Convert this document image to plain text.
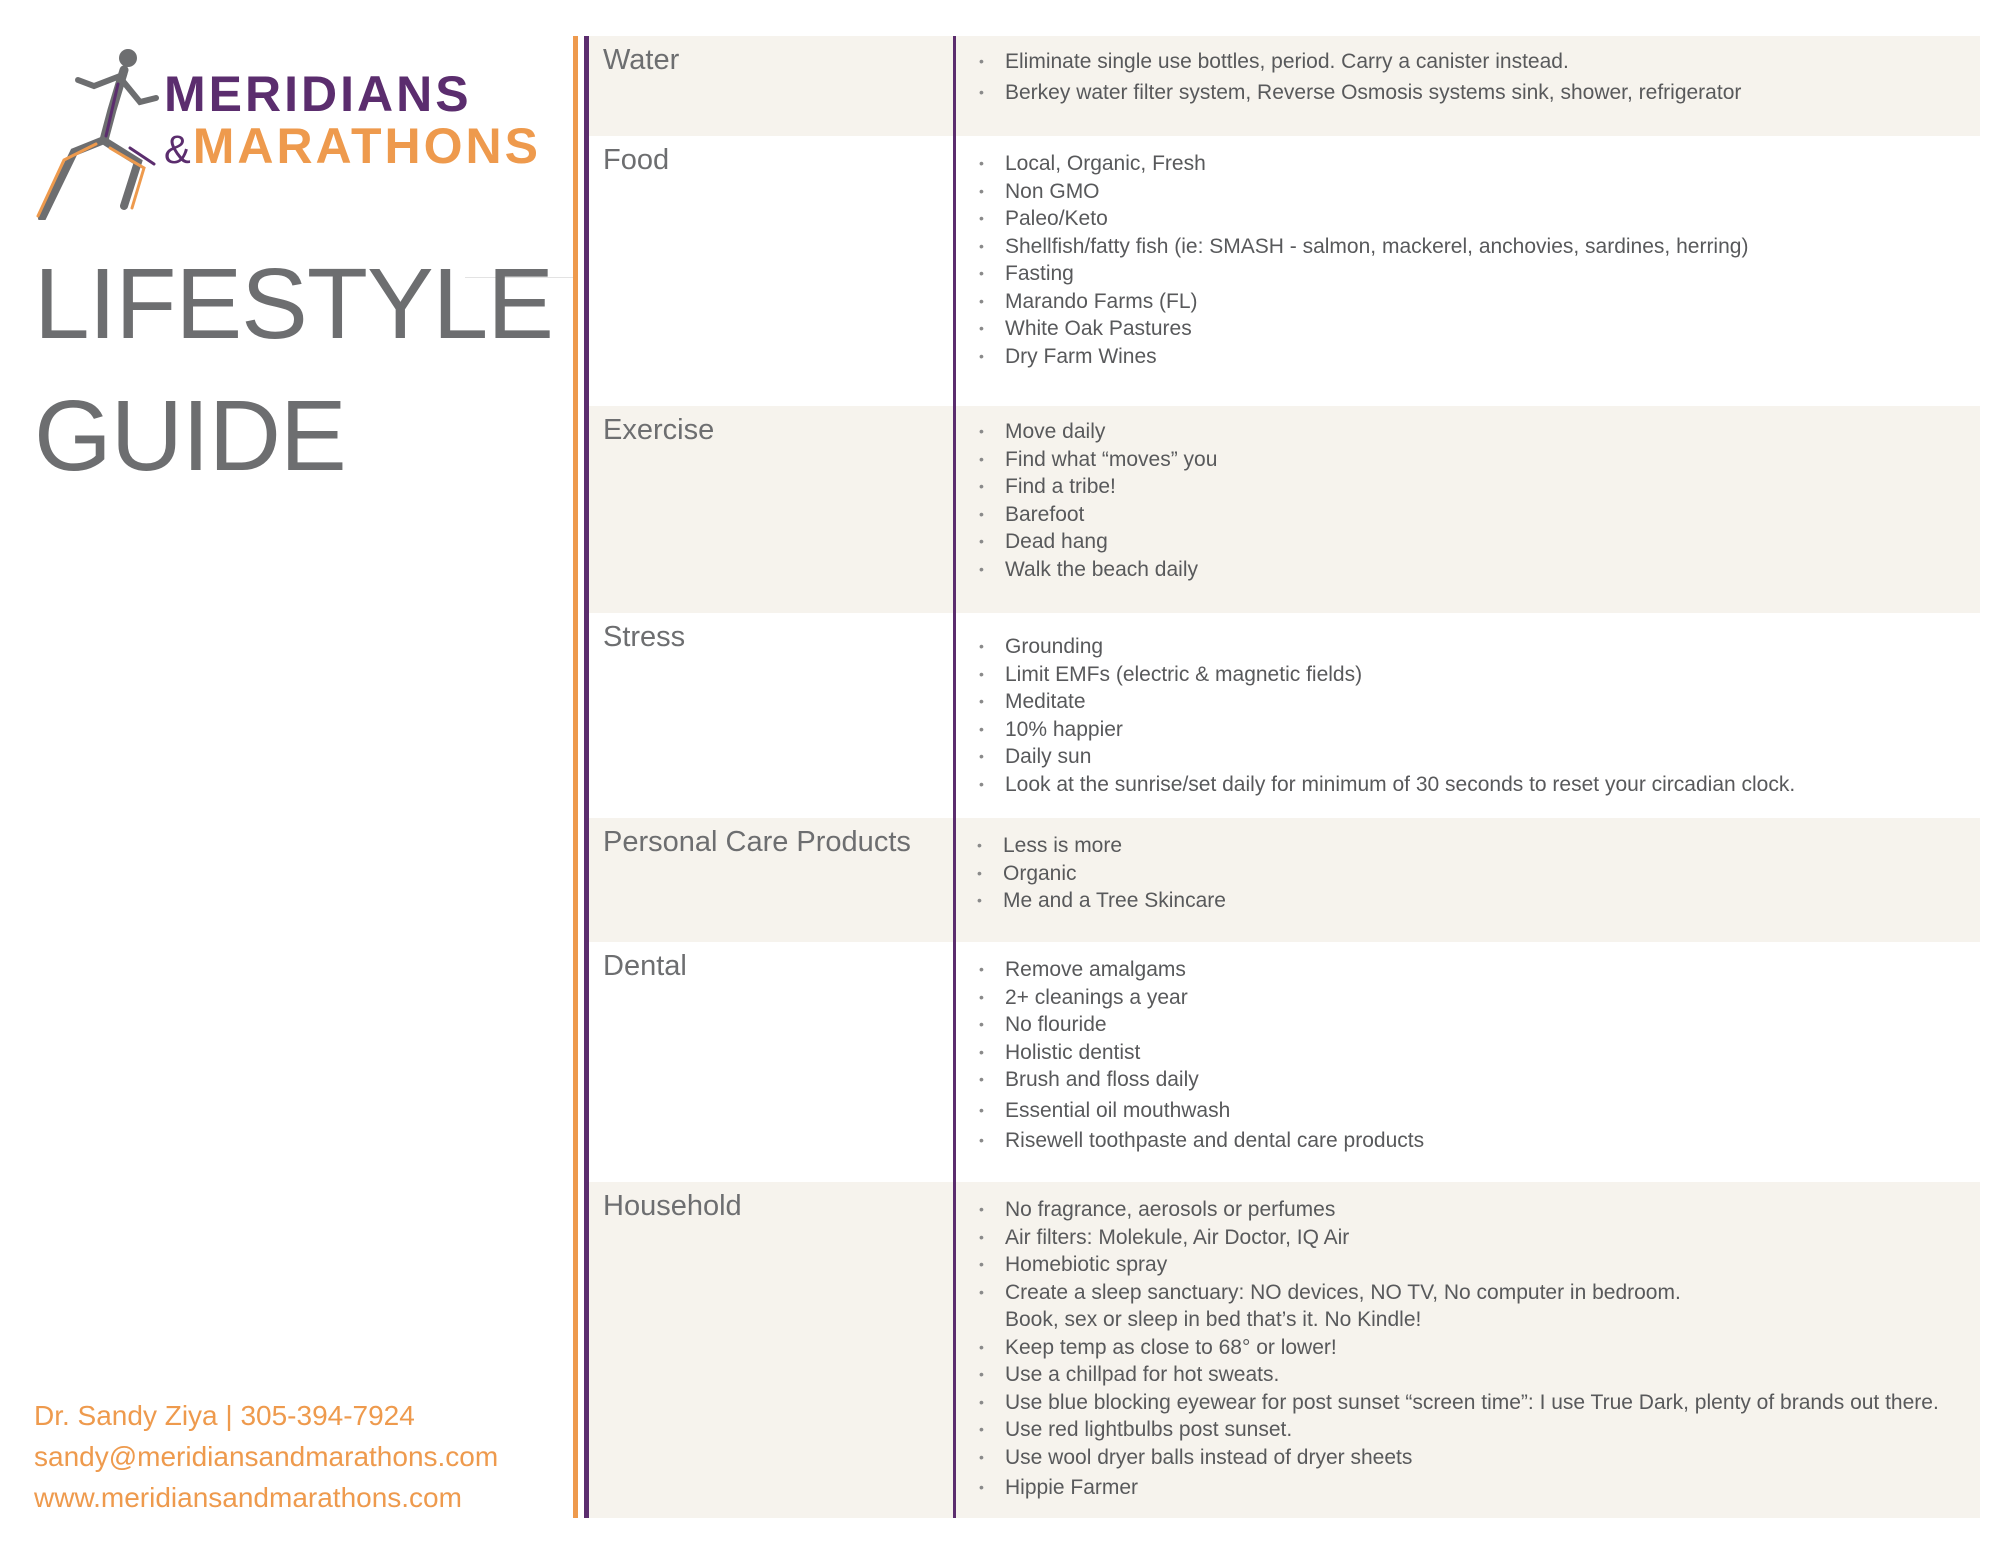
MERIDIANS
&MARATHONS
LIFESTYLE
GUIDE
Dr. Sandy Ziya | 305-394-7924
sandy@meridiansandmarathons.com
www.meridiansandmarathons.com
Water	• Eliminate single use bottles, period. Carry a canister instead.
• Berkey water filter system, Reverse Osmosis systems sink, shower, refrigerator
Food	• Local, Organic, Fresh
• Non GMO
• Paleo/Keto
• Shellfish/fatty fish (ie: SMASH - salmon, mackerel, anchovies, sardines, herring)
• Fasting
• Marando Farms (FL)
• White Oak Pastures
• Dry Farm Wines
Exercise	• Move daily
• Find what “moves” you
• Find a tribe!
• Barefoot
• Dead hang
• Walk the beach daily
Stress	• Grounding
• Limit EMFs (electric & magnetic fields)
• Meditate
• 10% happier
• Daily sun
• Look at the sunrise/set daily for minimum of 30 seconds to reset your circadian clock.
Personal Care Products	• Less is more
• Organic
• Me and a Tree Skincare
Dental	• Remove amalgams
• 2+ cleanings a year
• No flouride
• Holistic dentist
• Brush and floss daily
• Essential oil mouthwash
• Risewell toothpaste and dental care products
Household	• No fragrance, aerosols or perfumes
• Air filters: Molekule, Air Doctor, IQ Air
• Homebiotic spray
• Create a sleep sanctuary: NO devices, NO TV, No computer in bedroom.
Book, sex or sleep in bed that’s it. No Kindle!
• Keep temp as close to 68° or lower!
• Use a chillpad for hot sweats.
• Use blue blocking eyewear for post sunset “screen time”: I use True Dark, plenty of brands out there.
• Use red lightbulbs post sunset.
• Use wool dryer balls instead of dryer sheets
• Hippie Farmer
